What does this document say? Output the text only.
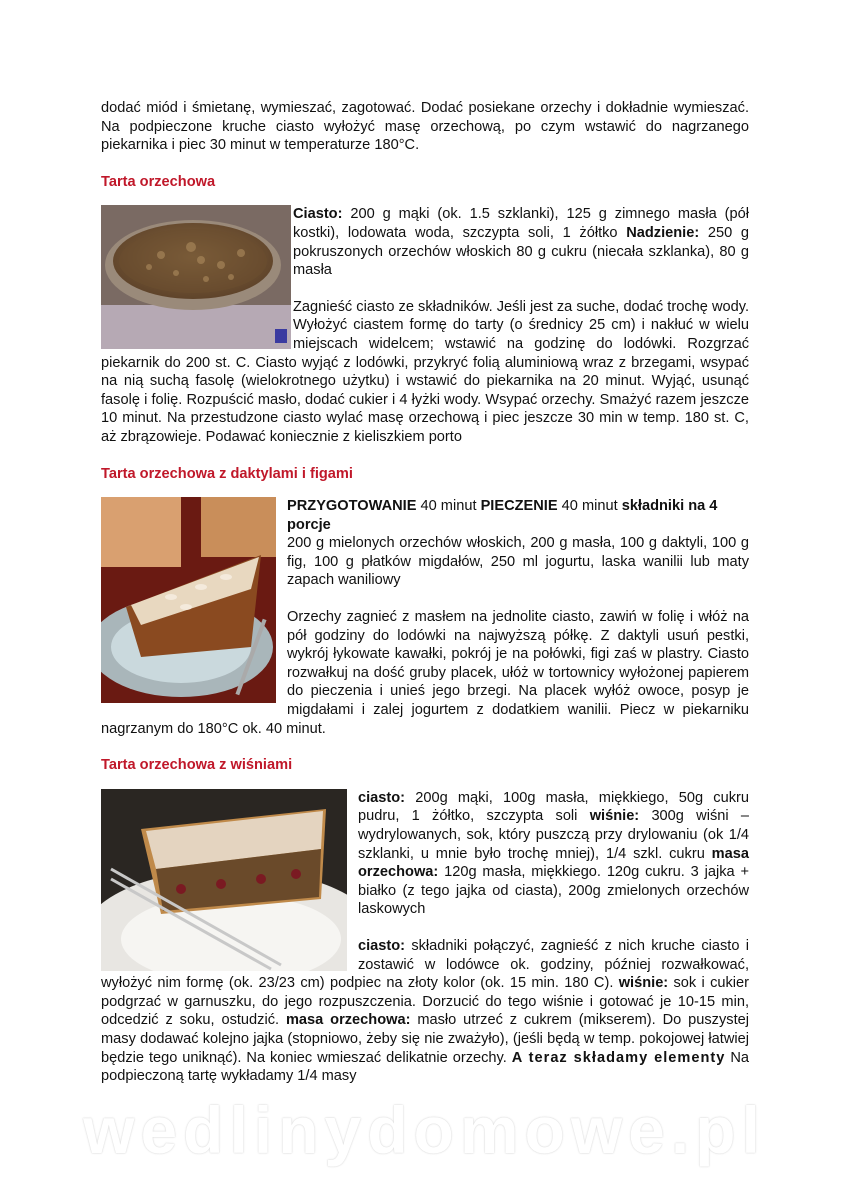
dodać miód i śmietanę, wymieszać, zagotować. Dodać posiekane orzechy i dokładnie wymieszać. Na podpieczone kruche ciasto wyłożyć masę orzechową, po czym wstawić do nagrzanego piekarnika i piec 30 minut w temperaturze 180°C.

Tarta orzechowa

Ciasto: 200 g mąki (ok. 1.5 szklanki), 125 g zimnego masła (pół kostki), lodowata woda, szczypta soli, 1 żółtko Nadzienie: 250 g pokruszonych orzechów włoskich 80 g cukru (niecała szklanka), 80 g masła

Zagnieść ciasto ze składników. Jeśli jest za suche, dodać trochę wody. Wyłożyć ciastem formę do tarty (o średnicy 25 cm) i nakłuć w wielu miejscach widelcem; wstawić na godzinę do lodówki. Rozgrzać piekarnik do 200 st. C. Ciasto wyjąć z lodówki, przykryć folią aluminiową wraz z brzegami, wsypać na nią suchą fasolę (wielokrotnego użytku) i wstawić do piekarnika na 20 minut. Wyjąć, usunąć fasolę i folię. Rozpuścić masło, dodać cukier i 4 łyżki wody. Wsypać orzechy. Smażyć razem jeszcze 10 minut. Na przestudzone ciasto wylać masę orzechową i piec jeszcze 30 min w temp. 180 st. C, aż zbrązowieje. Podawać koniecznie z kieliszkiem porto

Tarta orzechowa z daktylami i figami

PRZYGOTOWANIE 40 minut PIECZENIE 40 minut składniki na 4 porcje

200 g mielonych orzechów włoskich, 200 g masła, 100 g daktyli, 100 g fig, 100 g płatków migdałów, 250 ml jogurtu, laska wanilii lub maty zapach waniliowy

Orzechy zagnieć z masłem na jednolite ciasto, zawiń w folię i włóż na pół godziny do lodówki na najwyższą półkę. Z daktyli usuń pestki, wykrój łykowate kawałki, pokrój je na połówki, figi zaś w plastry. Ciasto rozwałkuj na dość gruby placek, ułóż w tortownicy wyłożonej papierem do pieczenia i unieś jego brzegi. Na placek wyłóż owoce, posyp je migdałami i zalej jogurtem z dodatkiem wanilii. Piecz w piekarniku nagrzanym do 180°C ok. 40 minut.

Tarta orzechowa z wiśniami

ciasto: 200g mąki, 100g masła, miękkiego, 50g cukru pudru, 1 żółtko, szczypta soli wiśnie: 300g wiśni – wydrylowanych, sok, który puszczą przy drylowaniu (ok 1/4 szklanki, u mnie było trochę mniej), 1/4 szkl. cukru masa orzechowa: 120g masła, miękkiego. 120g cukru. 3 jajka + białko (z tego jajka od ciasta), 200g zmielonych orzechów laskowych

ciasto: składniki połączyć, zagnieść z nich kruche ciasto i zostawić w lodówce ok. godziny, później rozwałkować, wyłożyć nim formę (ok. 23/23 cm) podpiec na złoty kolor (ok. 15 min. 180 C). wiśnie: sok i cukier podgrzać w garnuszku, do jego rozpuszczenia. Dorzucić do tego wiśnie i gotować je 10-15 min, odcedzić z soku, ostudzić. masa orzechowa: masło utrzeć z cukrem (mikserem). Do puszystej masy dodawać kolejno jajka (stopniowo, żeby się nie zważyło), (jeśli będą w temp. pokojowej łatwiej będzie tego uniknąć). Na koniec wmieszać delikatnie orzechy. A teraz składamy elementy Na podpieczoną tartę wykładamy 1/4 masy

wedlinydomowe.pl
